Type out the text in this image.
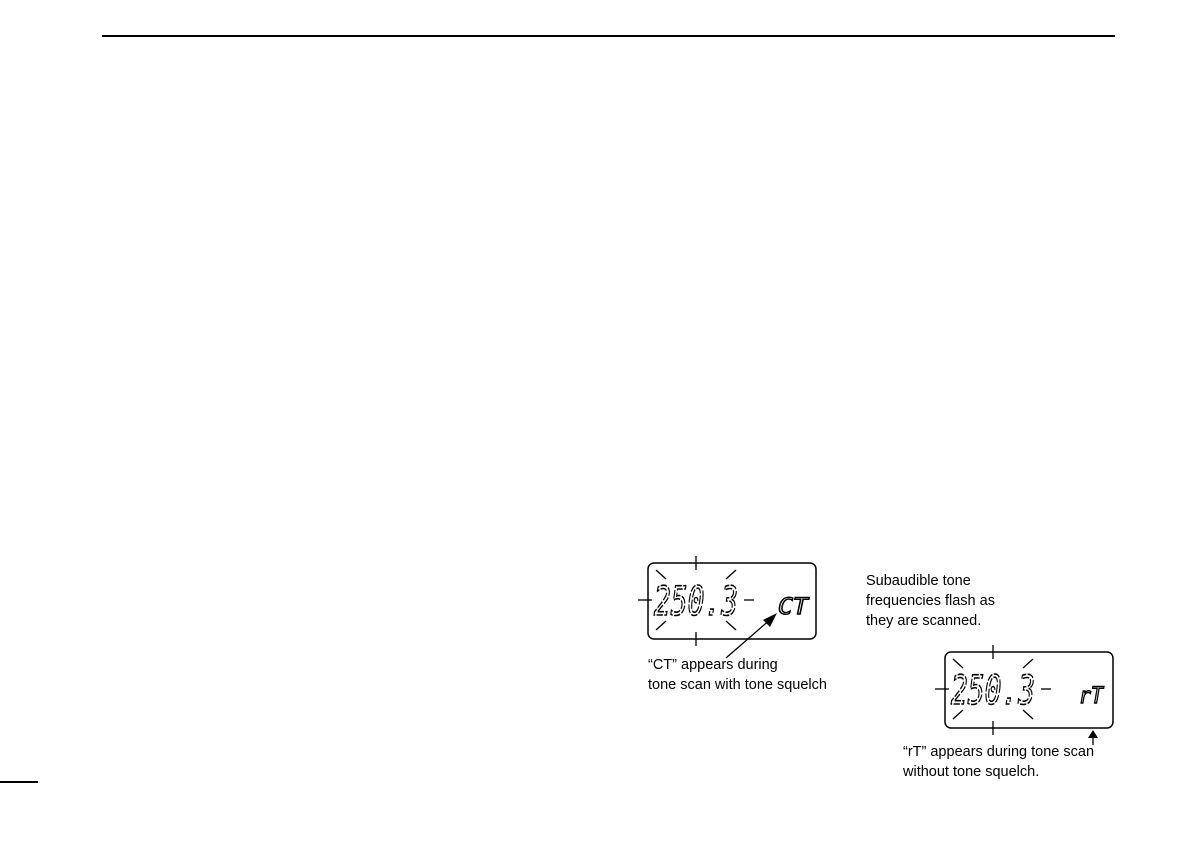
250.3 CT

“CT” appears during
tone scan with tone squelch

Subaudible tone
frequencies flash as
they are scanned.

250.3 rT

“rT” appears during tone scan
without tone squelch.
